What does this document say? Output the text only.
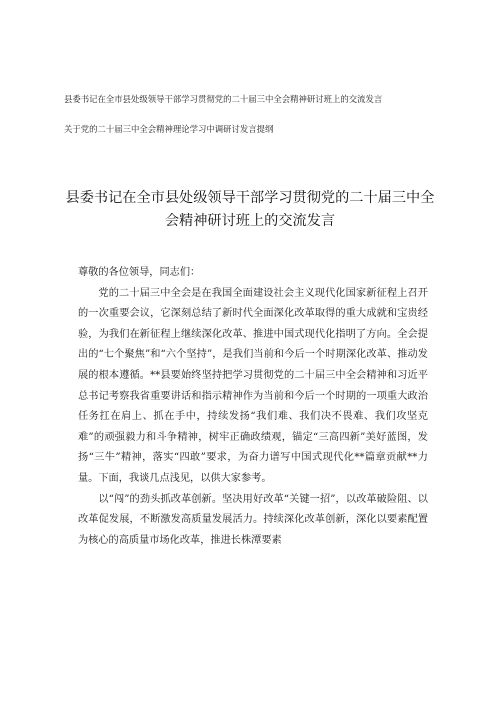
县委书记在全市县处级领导干部学习贯彻党的二十届三中全会精神研讨班上的交流发言
关于党的二十届三中全会精神理论学习中调研讨发言提纲
县委书记在全市县处级领导干部学习贯彻党的二十届三中全会精神研讨班上的交流发言

尊敬的各位领导，同志们：

党的二十届三中全会是在我国全面建设社会主义现代化国家新征程上召开的一次重要会议，它深刻总结了新时代全面深化改革取得的重大成就和宝贵经验，为我们在新征程上继续深化改革、推进中国式现代化指明了方向。全会提出的“七个聚焦”和“六个坚持”，是我们当前和今后一个时期深化改革、推动发展的根本遵循。**县要始终坚持把学习贯彻党的二十届三中全会精神和习近平总书记考察我省重要讲话和指示精神作为当前和今后一个时期的一项重大政治任务扛在肩上、抓在手中，持续发扬“我们难、我们决不畏难、我们攻坚克难”的顽强毅力和斗争精神，树牢正确政绩观，锚定“三高四新”美好蓝图，发扬“三牛”精神，落实“四敢”要求，为奋力谱写中国式现代化**篇章贡献**力量。下面，我谈几点浅见，以供大家参考。

以“闯”的劲头抓改革创新。坚决用好改革“关键一招”，以改革破险阻、以改革促发展，不断激发高质量发展活力。持续深化改革创新，深化以要素配置为核心的高质量市场化改革，推进长株潭要素
